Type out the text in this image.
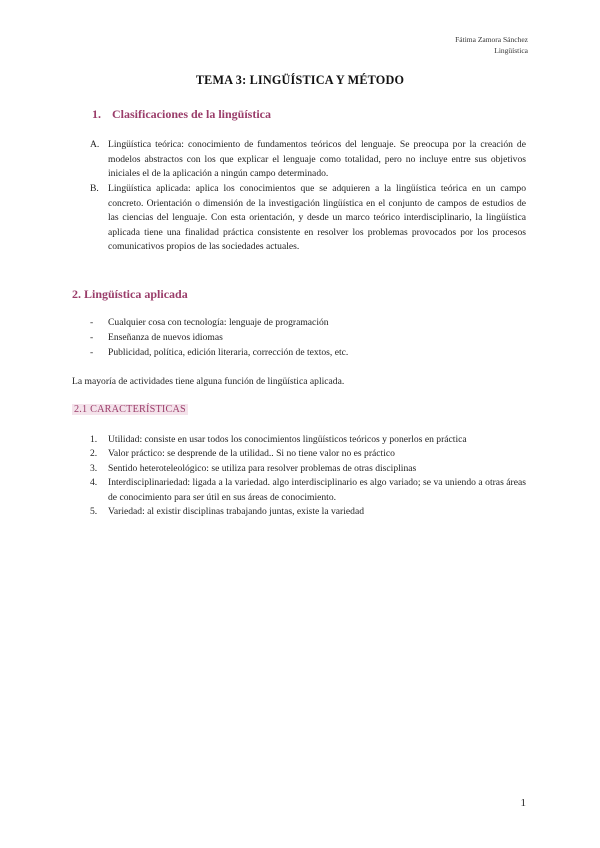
Fátima Zamora Sánchez
Lingüística
TEMA 3: LINGÜÍSTICA Y MÉTODO
1. Clasificaciones de la lingüística
A. Lingüística teórica: conocimiento de fundamentos teóricos del lenguaje. Se preocupa por la creación de modelos abstractos con los que explicar el lenguaje como totalidad, pero no incluye entre sus objetivos iniciales el de la aplicación a ningún campo determinado.
B. Lingüística aplicada: aplica los conocimientos que se adquieren a la lingüística teórica en un campo concreto. Orientación o dimensión de la investigación lingüística en el conjunto de campos de estudios de las ciencias del lenguaje. Con esta orientación, y desde un marco teórico interdisciplinario, la lingüística aplicada tiene una finalidad práctica consistente en resolver los problemas provocados por los procesos comunicativos propios de las sociedades actuales.
2. Lingüística aplicada
-	Cualquier cosa con tecnología: lenguaje de programación
-	Enseñanza de nuevos idiomas
-	Publicidad, política, edición literaria, corrección de textos, etc.
La mayoría de actividades tiene alguna función de lingüística aplicada.
2.1 CARACTERÍSTICAS
1.	Utilidad: consiste en usar todos los conocimientos lingüísticos teóricos y ponerlos en práctica
2.	Valor práctico: se desprende de la utilidad.. Si no tiene valor no es práctico
3.	Sentido heteroteleológico: se utiliza para resolver problemas de otras disciplinas
4.	Interdisciplinariedad: ligada a la variedad. algo interdisciplinario es algo variado; se va uniendo a otras áreas de conocimiento para ser útil en sus áreas de conocimiento.
5.	Variedad: al existir disciplinas trabajando juntas, existe la variedad
1
